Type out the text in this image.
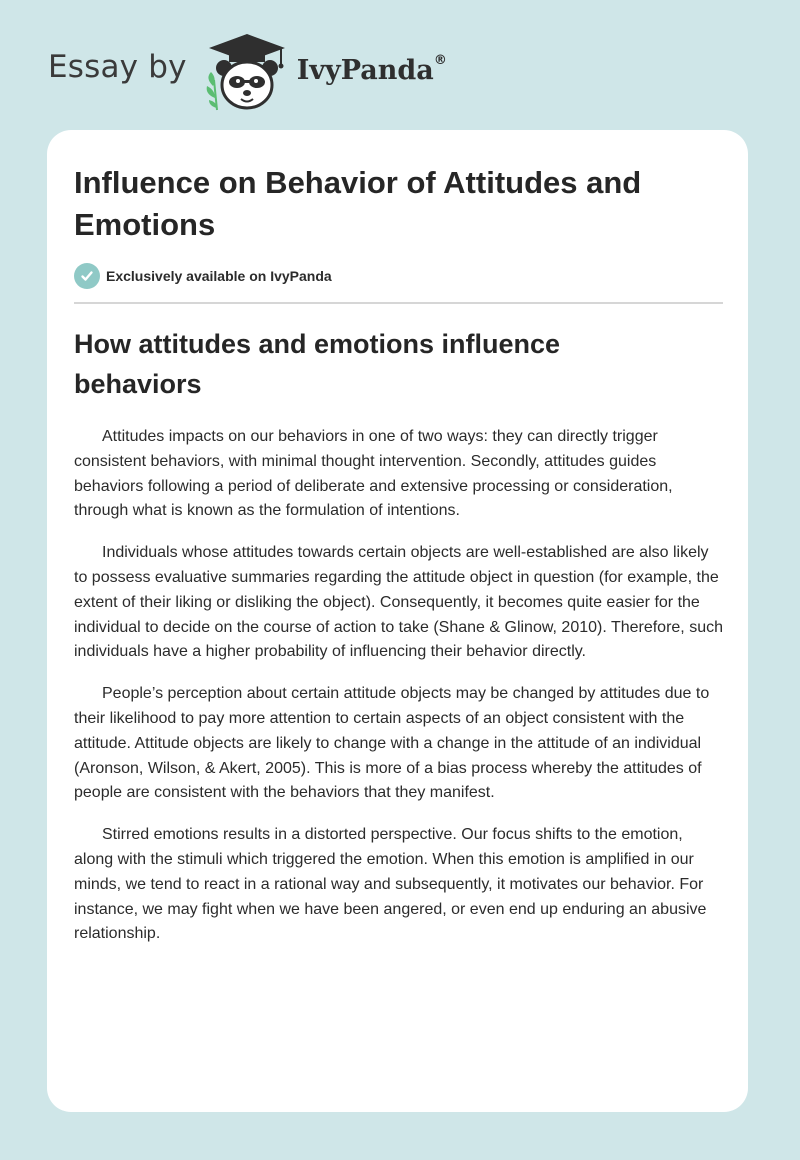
Essay by	IvyPanda®
Influence on Behavior of Attitudes and Emotions
Exclusively available on IvyPanda
How attitudes and emotions influence behaviors

Attitudes impacts on our behaviors in one of two ways: they can directly trigger consistent behaviors, with minimal thought intervention. Secondly, attitudes guides behaviors following a period of deliberate and extensive processing or consideration, through what is known as the formulation of intentions.

Individuals whose attitudes towards certain objects are well-established are also likely to possess evaluative summaries regarding the attitude object in question (for example, the extent of their liking or disliking the object). Consequently, it becomes quite easier for the individual to decide on the course of action to take (Shane & Glinow, 2010). Therefore, such individuals have a higher probability of influencing their behavior directly.

People’s perception about certain attitude objects may be changed by attitudes due to their likelihood to pay more attention to certain aspects of an object consistent with the attitude. Attitude objects are likely to change with a change in the attitude of an individual (Aronson, Wilson, & Akert, 2005). This is more of a bias process whereby the attitudes of people are consistent with the behaviors that they manifest.

Stirred emotions results in a distorted perspective. Our focus shifts to the emotion, along with the stimuli which triggered the emotion. When this emotion is amplified in our minds, we tend to react in a rational way and subsequently, it motivates our behavior. For instance, we may fight when we have been angered, or even end up enduring an abusive relationship.
